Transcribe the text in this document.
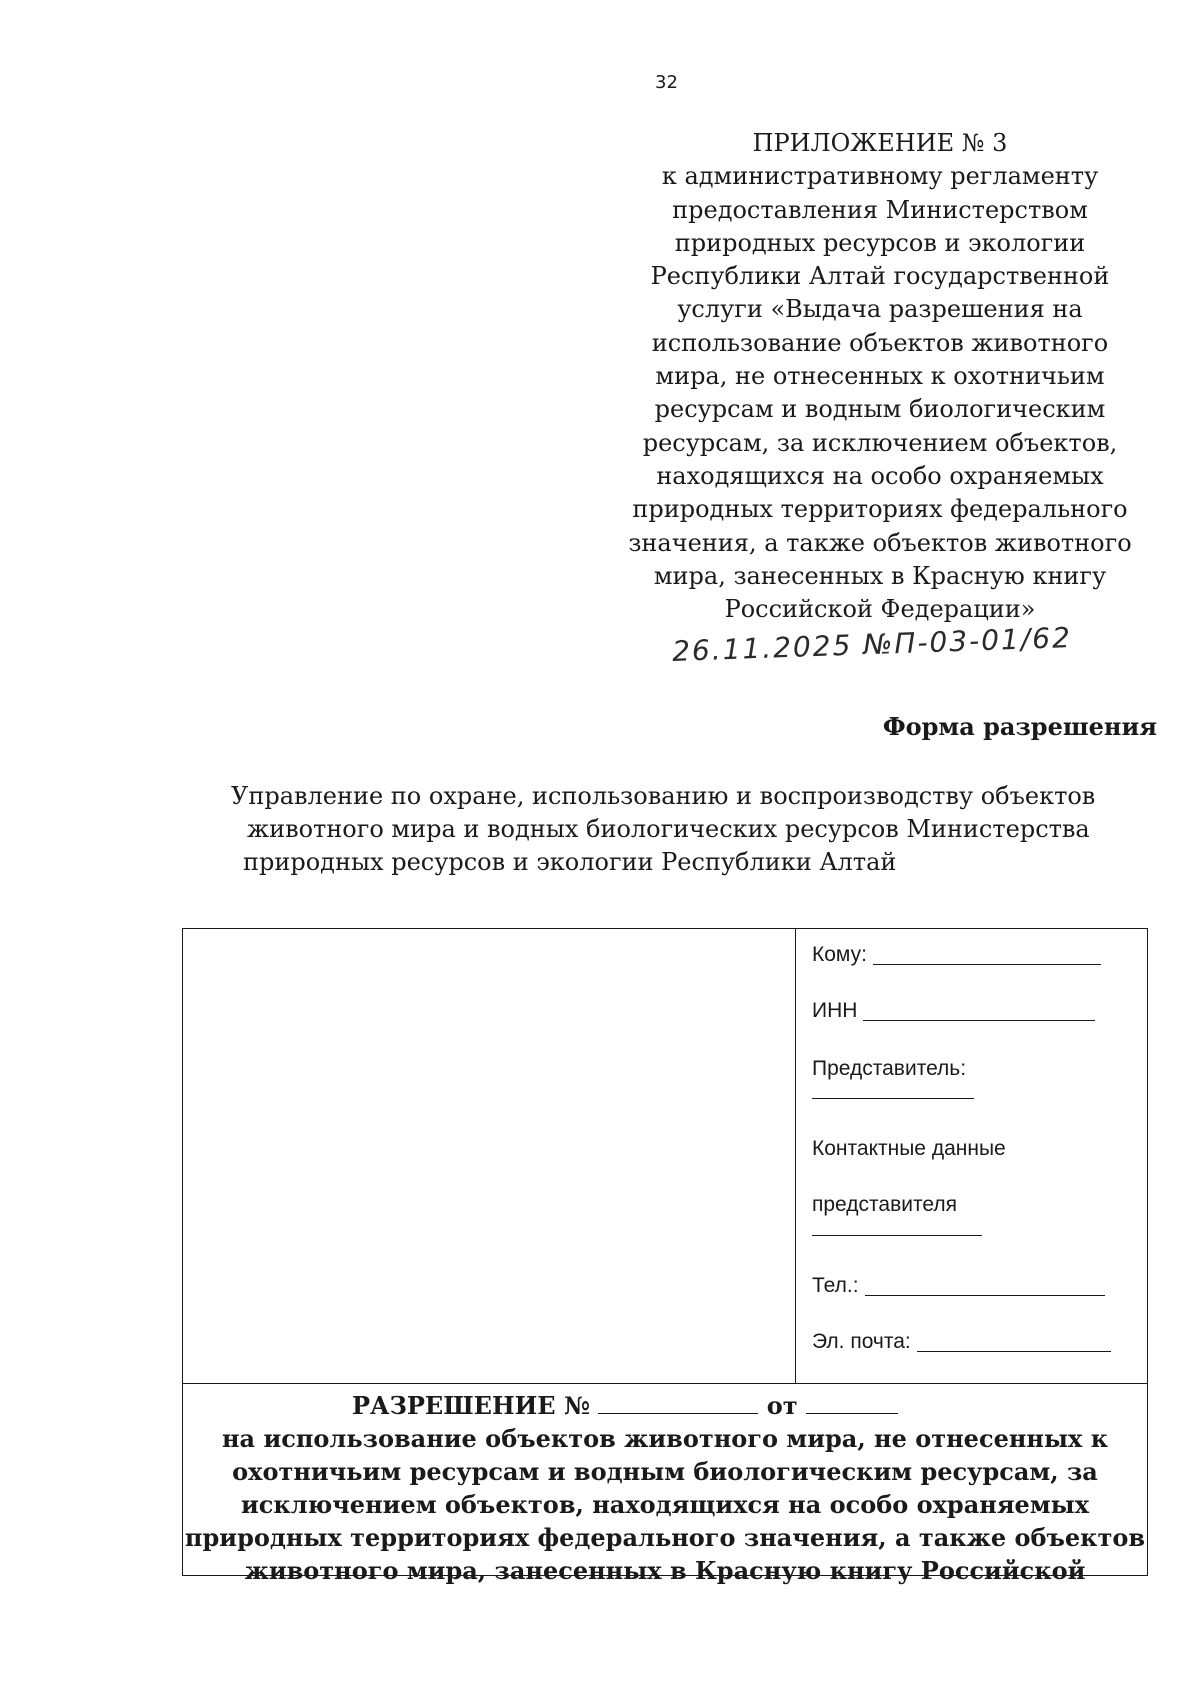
32
ПРИЛОЖЕНИЕ № 3
к административному регламенту
предоставления Министерством
природных ресурсов и экологии
Республики Алтай государственной
услуги «Выдача разрешения на
использование объектов животного
мира, не отнесенных к охотничьим
ресурсам и водным биологическим
ресурсам, за исключением объектов,
находящихся на особо охраняемых
природных территориях федерального
значения, а также объектов животного
мира, занесенных в Красную книгу
Российской Федерации»
26.11.2025 №П-03-01/62
Форма разрешения
Управление по охране, использованию и воспроизводству объектов
животного мира и водных биологических ресурсов Министерства
природных ресурсов и экологии Республики Алтай
Кому:
ИНН
Представитель:
Контактные данные
представителя
Тел.:
Эл. почта:
РАЗРЕШЕНИЕ №	от
на использование объектов животного мира, не отнесенных к
охотничьим ресурсам и водным биологическим ресурсам, за
исключением объектов, находящихся на особо охраняемых
природных территориях федерального значения, а также объектов
животного мира, занесенных в Красную книгу Российской
